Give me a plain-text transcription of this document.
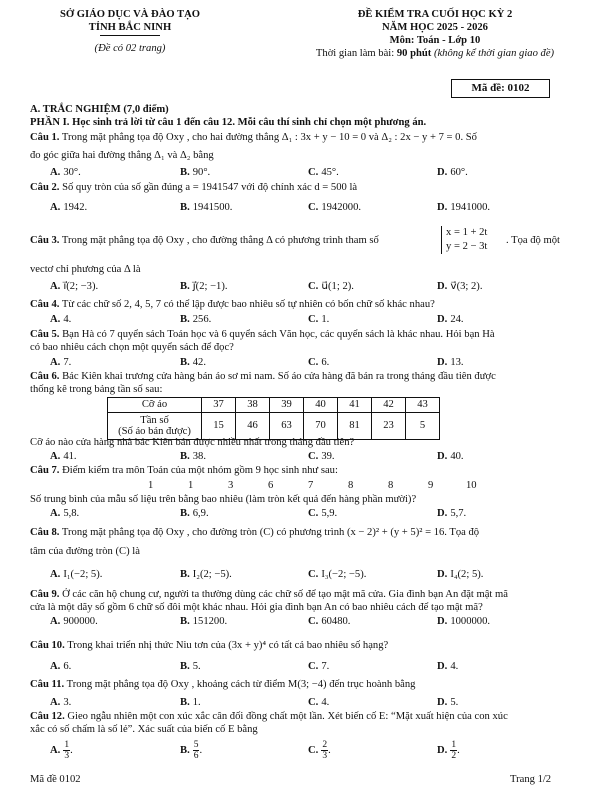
SỞ GIÁO DỤC VÀ ĐÀO TẠO
TỈNH BẮC NINH
(Đề có 02 trang)
ĐỀ KIỂM TRA CUỐI HỌC KỲ 2
NĂM HỌC 2025 - 2026
Môn: Toán - Lớp 10
Thời gian làm bài: 90 phút (không kể thời gian giao đề)
Mã đề: 0102
A. TRẮC NGHIỆM (7,0 điểm)
PHẦN I. Học sinh trả lời từ câu 1 đến câu 12. Mỗi câu thí sinh chỉ chọn một phương án.
Câu 1. Trong mặt phẳng tọa độ Oxy , cho hai đường thẳng Δ₁ : 3x + y − 10 = 0 và Δ₂ : 2x − y + 7 = 0. Số
đo góc giữa hai đường thẳng Δ₁ và Δ₂ bằng
A. 30°.	B. 90°.	C. 45°.	D. 60°.
Câu 2. Số quy tròn của số gần đúng a = 1941547 với độ chính xác d = 500 là
A. 1942.	B. 1941500.	C. 1942000.	D. 1941000.
Câu 3. Trong mặt phẳng tọa độ Oxy , cho đường thẳng Δ có phương trình tham số
x = 1 + 2t
y = 2 − 3t
. Tọa độ một
vectơ chỉ phương của Δ là
A. i⃗(2; −3).	B. j⃗(2; −1).	C. u⃗(1; 2).	D. v⃗(3; 2).
Câu 4. Từ các chữ số 2, 4, 5, 7 có thể lập được bao nhiêu số tự nhiên có bốn chữ số khác nhau?
A. 4.	B. 256.	C. 1.	D. 24.
Câu 5. Bạn Hà có 7 quyển sách Toán học và 6 quyển sách Văn học, các quyển sách là khác nhau. Hỏi bạn Hà
có bao nhiêu cách chọn một quyển sách để đọc?
A. 7.	B. 42.	C. 6.	D. 13.
Câu 6. Bác Kiên khai trương cửa hàng bán áo sơ mi nam. Số áo cửa hàng đã bán ra trong tháng đầu tiên được
thống kê trong bảng tần số sau:
Cỡ áo	37	38	39	40	41	42	43
Tần số
(Số áo bán được)	15	46	63	70	81	23	5
Cỡ áo nào cửa hàng nhà bác Kiên bán được nhiều nhất trong tháng đầu tiên?
A. 41.	B. 38.	C. 39.	D. 40.
Câu 7. Điểm kiểm tra môn Toán của một nhóm gồm 9 học sinh như sau:
1	1	3	6	7	8	8	9	10
Số trung bình của mẫu số liệu trên bằng bao nhiêu (làm tròn kết quả đến hàng phần mười)?
A. 5,8.	B. 6,9.	C. 5,9.	D. 5,7.
Câu 8. Trong mặt phẳng tọa độ Oxy , cho đường tròn (C) có phương trình (x − 2)² + (y + 5)² = 16. Tọa độ
tâm của đường tròn (C) là
A. I₁(−2; 5).	B. I₂(2; −5).	C. I₃(−2; −5).	D. I₄(2; 5).
Câu 9. Ở các căn hộ chung cư, người ta thường dùng các chữ số để tạo mật mã cửa. Gia đình bạn An đặt mật mã
cửa là một dãy số gồm 6 chữ số đôi một khác nhau. Hỏi gia đình bạn An có bao nhiêu cách để tạo mật mã?
A. 900000.	B. 151200.	C. 60480.	D. 1000000.
Câu 10. Trong khai triển nhị thức Niu tơn của (3x + y)⁴ có tất cả bao nhiêu số hạng?
A. 6.	B. 5.	C. 7.	D. 4.
Câu 11. Trong mặt phẳng tọa độ Oxy , khoảng cách từ điểm M(3; −4) đến trục hoành bằng
A. 3.	B. 1.	C. 4.	D. 5.
Câu 12. Gieo ngẫu nhiên một con xúc xắc cân đối đồng chất một lần. Xét biến cố E: “Mặt xuất hiện của con xúc
xắc có số chấm là số lẻ”. Xác suất của biến cố E bằng
A. $\frac{1}{3}$ .	B. $\frac{5}{6}$ .	C. $\frac{2}{3}$ .	D. $\frac{1}{2}$ .
Mã đề 0102	Trang 1/2
